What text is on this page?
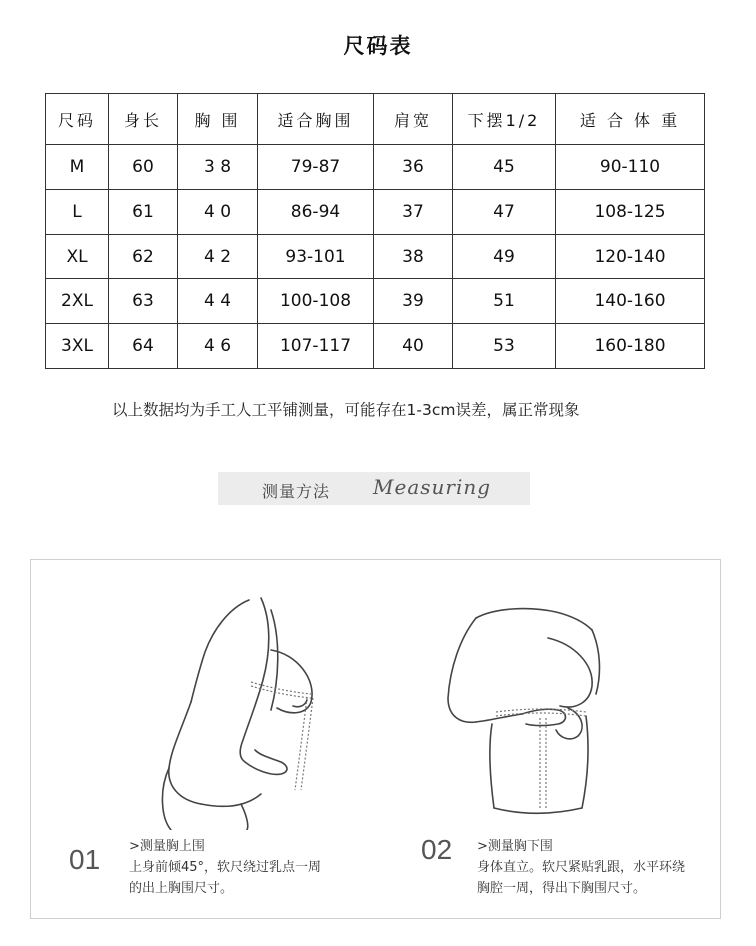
尺码表
尺码	身长	胸 围	适合胸围	肩宽	下摆1/2	适 合 体 重
M	60	3 8	79-87	36	45	90-110
L	61	4 0	86-94	37	47	108-125
XL	62	4 2	93-101	38	49	120-140
2XL	63	4 4	100-108	39	51	140-160
3XL	64	4 6	107-117	40	53	160-180
以上数据均为手工人工平铺测量，可能存在1-3cm误差，属正常现象
测量方法 Measuring
01 >测量胸上围
上身前倾45°，软尺绕过乳点一周
的出上胸围尺寸。
02 >测量胸下围
身体直立。软尺紧贴乳跟，水平环绕
胸腔一周，得出下胸围尺寸。
